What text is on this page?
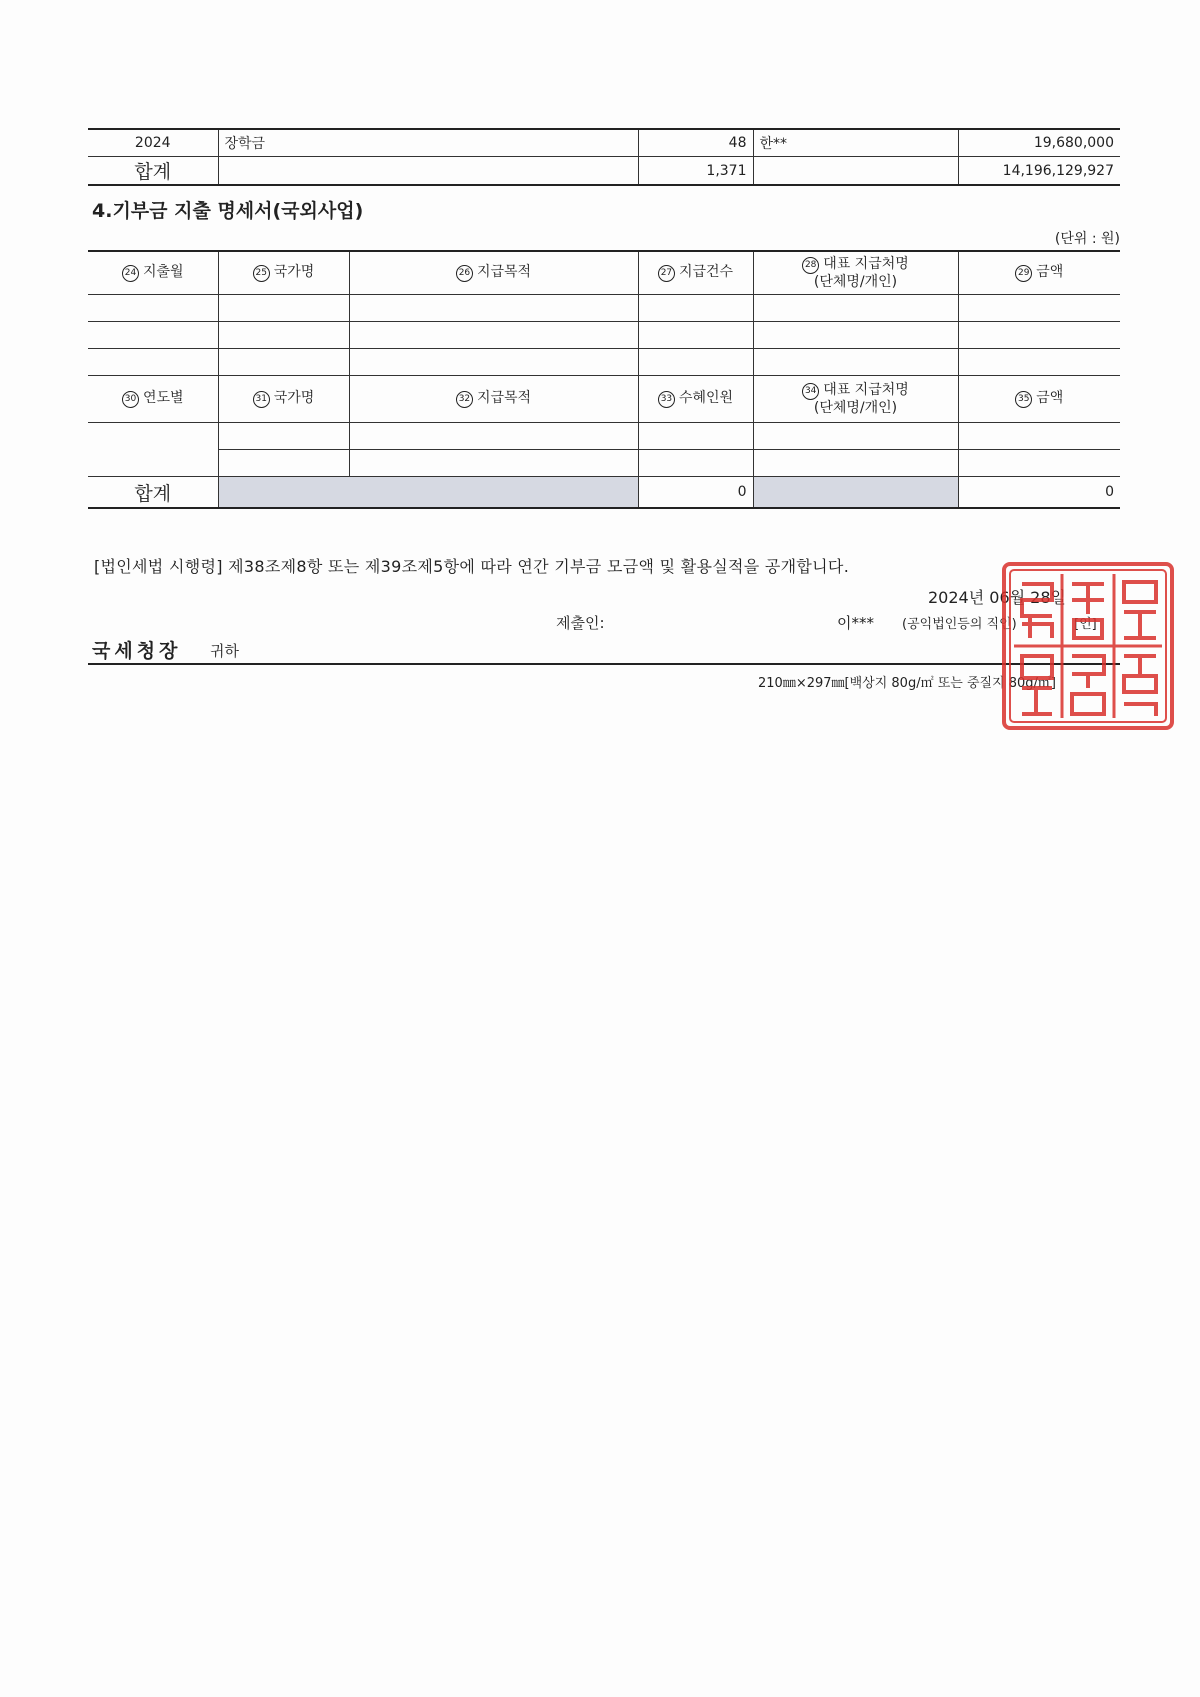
2024	장학금	48	한**	19,680,000
합계		1,371		14,196,129,927
4.기부금 지출 명세서(국외사업)
(단위 : 원)
24 지출월	25 국가명	26 지급목적	27 지급건수	28 대표 지급처명
(단체명/개인)	29 금액

30 연도별	31 국가명	32 지급목적	33 수혜인원	34 대표 지급처명
(단체명/개인)	35 금액

합계			0		0
[법인세법 시행령] 제38조제8항 또는 제39조제5항에 따라 연간 기부금 모금액 및 활용실적을 공개합니다.
2024년 06월 28일
제출인:	이*** (공익법인등의 직인)	[인]
국세청장 귀하
210㎜×297㎜[백상지 80g/㎡ 또는 중질지 80g/㎡]
